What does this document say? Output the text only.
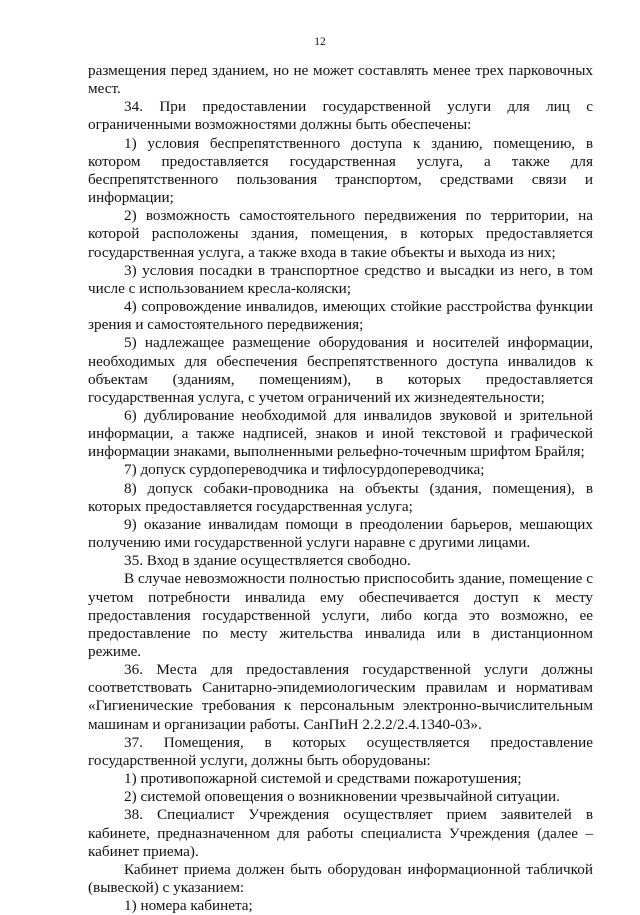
12

размещения перед зданием, но не может составлять менее трех парковочных мест.

34. При предоставлении государственной услуги для лиц с ограниченными возможностями должны быть обеспечены:

1) условия беспрепятственного доступа к зданию, помещению, в котором предоставляется государственная услуга, а также для беспрепятственного пользования транспортом, средствами связи и информации;

2) возможность самостоятельного передвижения по территории, на которой расположены здания, помещения, в которых предоставляется государственная услуга, а также входа в такие объекты и выхода из них;

3) условия посадки в транспортное средство и высадки из него, в том числе с использованием кресла-коляски;

4) сопровождение инвалидов, имеющих стойкие расстройства функции зрения и самостоятельного передвижения;

5) надлежащее размещение оборудования и носителей информации, необходимых для обеспечения беспрепятственного доступа инвалидов к объектам (зданиям, помещениям), в которых предоставляется государственная услуга, с учетом ограничений их жизнедеятельности;

6) дублирование необходимой для инвалидов звуковой и зрительной информации, а также надписей, знаков и иной текстовой и графической информации знаками, выполненными рельефно-точечным шрифтом Брайля;

7) допуск сурдопереводчика и тифлосурдопереводчика;

8) допуск собаки-проводника на объекты (здания, помещения), в которых предоставляется государственная услуга;

9) оказание инвалидам помощи в преодолении барьеров, мешающих получению ими государственной услуги наравне с другими лицами.

35. Вход в здание осуществляется свободно.

В случае невозможности полностью приспособить здание, помещение с учетом потребности инвалида ему обеспечивается доступ к месту предоставления государственной услуги, либо когда это возможно, ее предоставление по месту жительства инвалида или в дистанционном режиме.

36. Места для предоставления государственной услуги должны соответствовать Санитарно-эпидемиологическим правилам и нормативам «Гигиенические требования к персональным электронно-вычислительным машинам и организации работы. СанПиН 2.2.2/2.4.1340-03».

37. Помещения, в которых осуществляется предоставление государственной услуги, должны быть оборудованы:

1) противопожарной системой и средствами пожаротушения;

2) системой оповещения о возникновении чрезвычайной ситуации.

38. Специалист Учреждения осуществляет прием заявителей в кабинете, предназначенном для работы специалиста Учреждения (далее – кабинет приема).

Кабинет приема должен быть оборудован информационной табличкой (вывеской) с указанием:

1) номера кабинета;
